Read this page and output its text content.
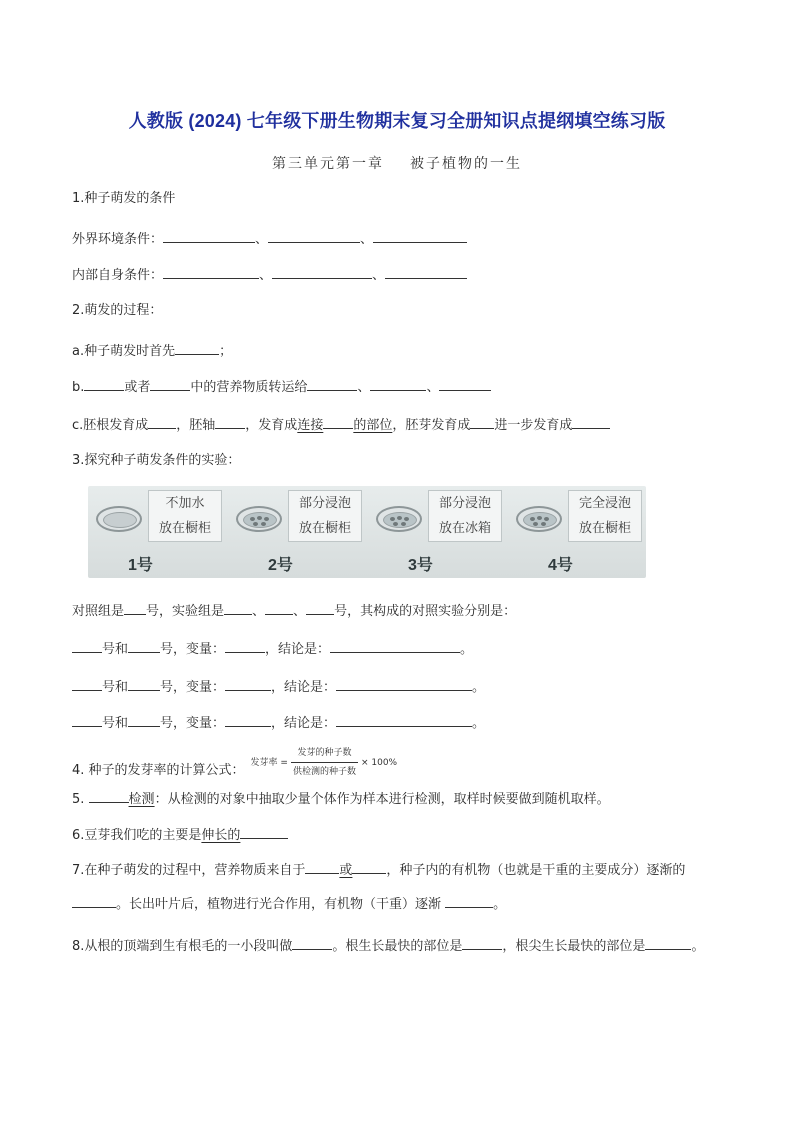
人教版 (2024) 七年级下册生物期末复习全册知识点提纲填空练习版
第三单元第一章 被子植物的一生
1.种子萌发的条件
外界环境条件：	、	、
内部自身条件：	、	、
2.萌发的过程：
a.种子萌发时首先	；
b.	或者	中的营养物质转运给	、	、
c.胚根发育成 ，胚轴 ，发育成连接 的部位，胚芽发育成 进一步发育成
3.探究种子萌发条件的实验：
不加水
放在橱柜
1号
部分浸泡
放在橱柜
2号
部分浸泡
放在冰箱
3号
完全浸泡
放在橱柜
4号
对照组是 号，实验组是 、 、 号，其构成的对照实验分别是：
号和 号，变量：	，结论是：	。
号和 号，变量：	，结论是：	。
号和 号，变量：	，结论是：	。
4. 种子的发芽率的计算公式： 发芽率 = $\frac{\text{发芽的种子数}}{\text{供检测的种子数}} \times 100\%$
5.	检测：从检测的对象中抽取少量个体作为样本进行检测，取样时候要做到随机取样。
6.豆芽我们吃的主要是伸长的
7.在种子萌发的过程中，营养物质来自于	或	，种子内的有机物（也就是干重的主要成分）逐渐的。长出叶片后，植物进行光合作用，有机物（干重）逐渐	。
8.从根的顶端到生有根毛的一小段叫做	。根生长最快的部位是	，根尖生长最快的部位是	。
